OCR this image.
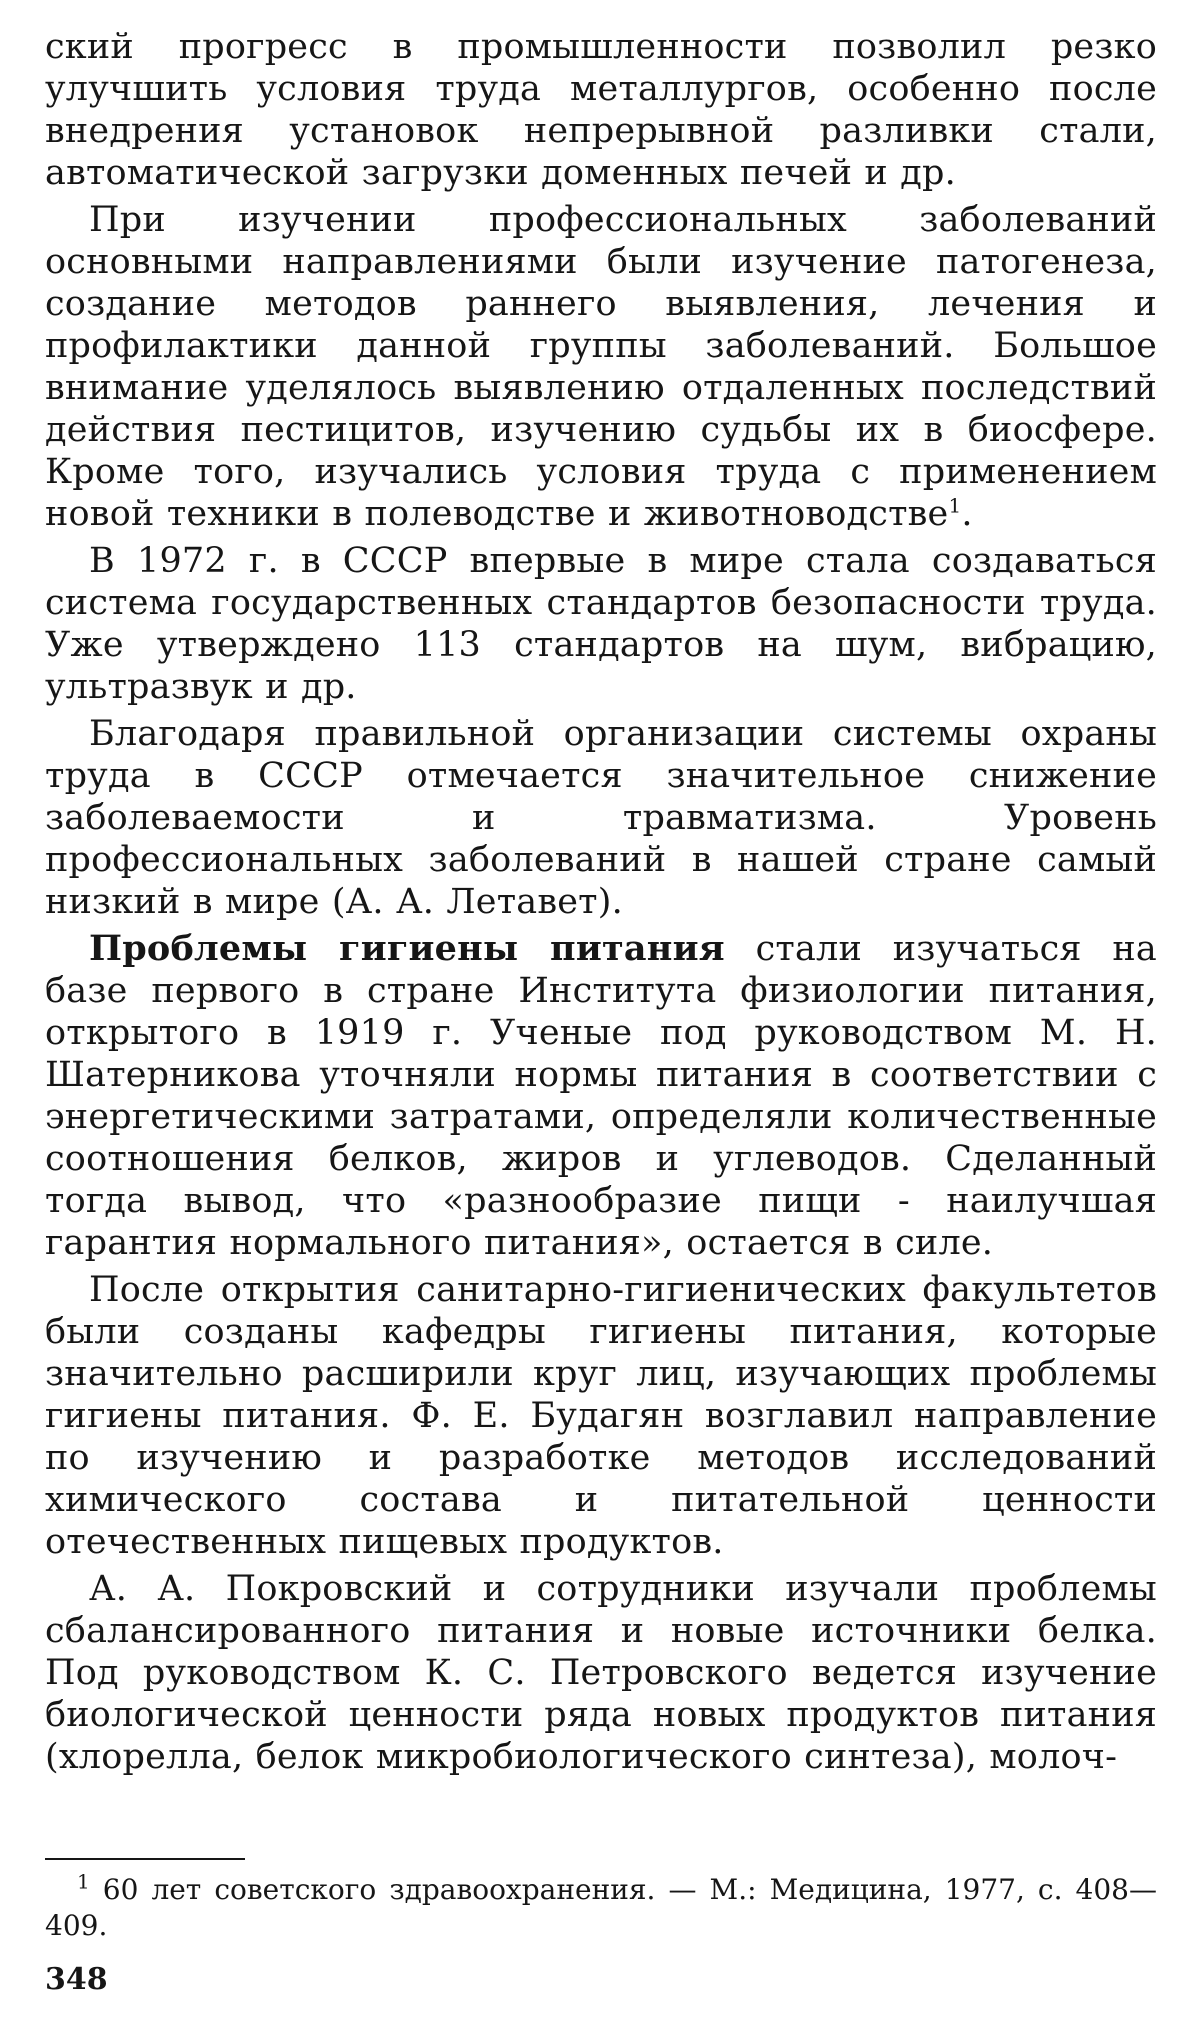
ский прогресс в промышленности позволил резко улучшить условия труда металлургов, особенно после внедрения установок непрерывной разливки стали, автоматической загрузки доменных печей и др.

При изучении профессиональных заболеваний основными направлениями были изучение патогенеза, создание методов раннего выявления, лечения и профилактики данной группы заболеваний. Большое внимание уделялось выявлению отдаленных последствий действия пестицитов, изучению судьбы их в биосфере. Кроме того, изучались условия труда с применением новой техники в полеводстве и животноводстве$^1$.

В 1972 г. в СССР впервые в мире стала создаваться система государственных стандартов безопасности труда. Уже утверждено 113 стандартов на шум, вибрацию, ультразвук и др.

Благодаря правильной организации системы охраны труда в СССР отмечается значительное снижение заболеваемости и травматизма. Уровень профессиональных заболеваний в нашей стране самый низкий в мире (А. А. Летавет).

Проблемы гигиены питания стали изучаться на базе первого в стране Института физиологии питания, открытого в 1919 г. Ученые под руководством М. Н. Шатерникова уточняли нормы питания в соответствии с энергетическими затратами, определяли количественные соотношения белков, жиров и углеводов. Сделанный тогда вывод, что «разнообразие пищи - наилучшая гарантия нормального питания», остается в силе.

После открытия санитарно-гигиенических факультетов были созданы кафедры гигиены питания, которые значительно расширили круг лиц, изучающих проблемы гигиены питания. Ф. Е. Будагян возглавил направление по изучению и разработке методов исследований химического состава и питательной ценности отечественных пищевых продуктов.

А. А. Покровский и сотрудники изучали проблемы сбалансированного питания и новые источники белка. Под руководством К. С. Петровского ведется изучение биологической ценности ряда новых продуктов питания (хлорелла, белок микробиологического синтеза), молоч-

$^1$ 60 лет советского здравоохранения. — М.: Медицина, 1977, с. 408—409.
348
